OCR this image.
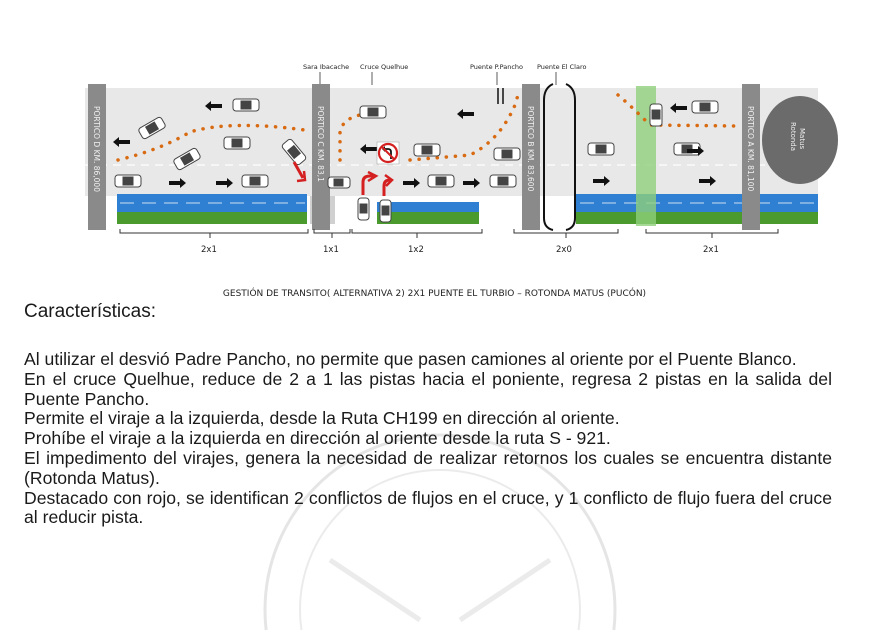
Sara Ibacache Cruce Quelhue	Puente P.Pancho Puente El Claro
PORTICO D KM. 86,000	PORTICO C KM. 83,1	PORTICO B KM. 83,600	PORTICO A KM. 81,100	Rotonda Matus
2x1	1x1	1x2	2x0	2x1
GESTIÓN DE TRANSITO( ALTERNATIVA 2) 2X1 PUENTE EL TURBIO – ROTONDA MATUS (PUCÓN)
Características:

Al utilizar el desvió Padre Pancho, no permite que pasen camiones al oriente por el Puente Blanco.

En el cruce Quelhue, reduce de 2 a 1 las pistas hacia el poniente, regresa 2 pistas en la salida del Puente Pancho.

Permite el viraje a la izquierda, desde la Ruta CH199 en dirección al oriente.

Prohíbe el viraje a la izquierda en dirección al oriente desde la ruta S - 921.

El impedimento del virajes, genera la necesidad de realizar retornos los cuales se encuentra distante (Rotonda Matus).

Destacado con rojo, se identifican 2 conflictos de flujos en el cruce, y 1 conflicto de flujo fuera del cruce al reducir pista.
